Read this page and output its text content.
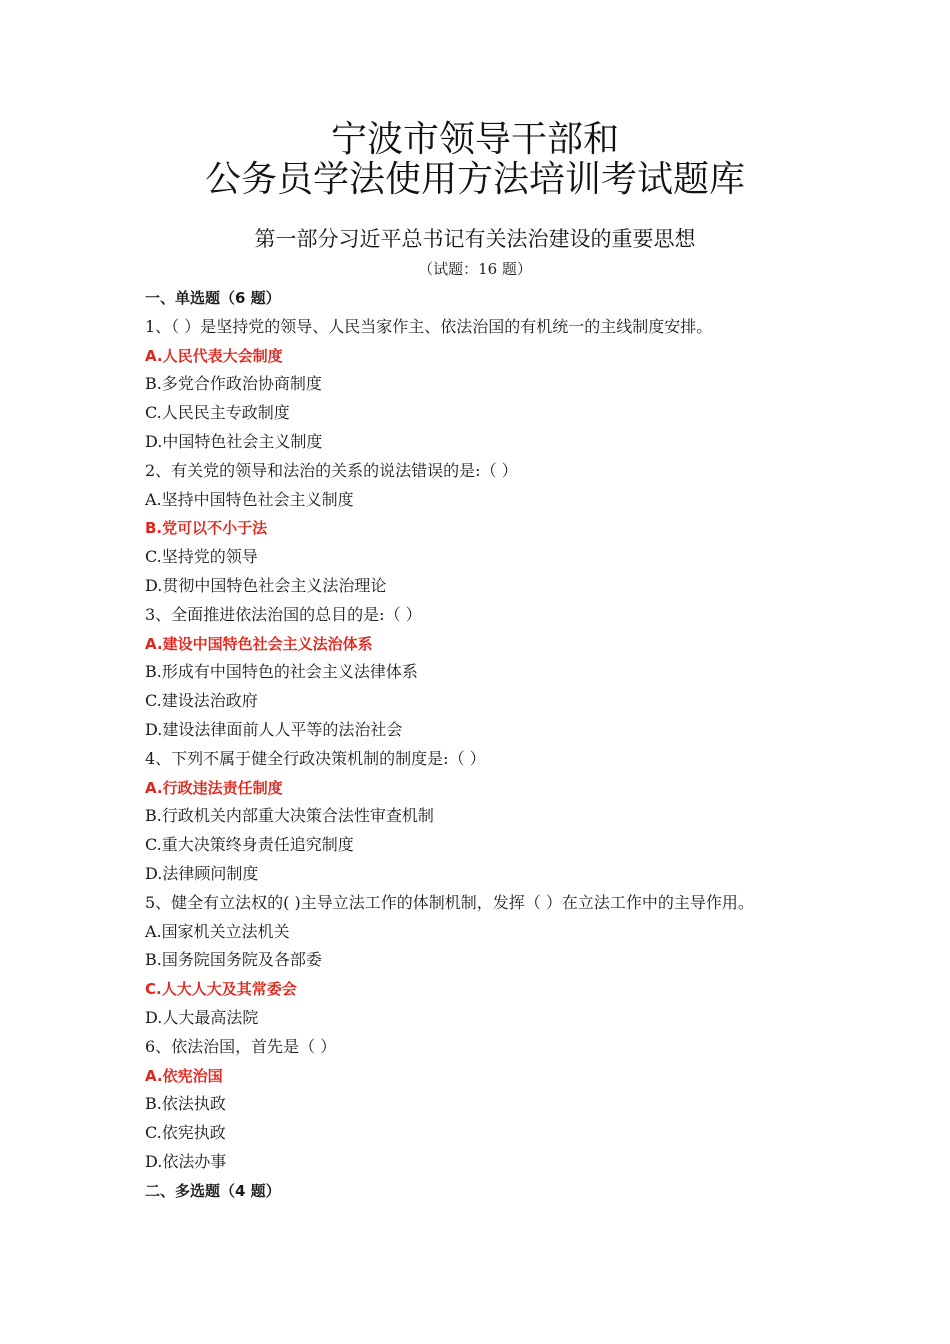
宁波市领导干部和
公务员学法使用方法培训考试题库
第一部分习近平总书记有关法治建设的重要思想
（试题：16 题）
一、单选题（6 题）
1、（ ）是坚持党的领导、人民当家作主、依法治国的有机统一的主线制度安排。
A.人民代表大会制度
B.多党合作政治协商制度
C.人民民主专政制度
D.中国特色社会主义制度
2、有关党的领导和法治的关系的说法错误的是:（ ）
A.坚持中国特色社会主义制度
B.党可以不小于法
C.坚持党的领导
D.贯彻中国特色社会主义法治理论
3、全面推进依法治国的总目的是:（ ）
A.建设中国特色社会主义法治体系
B.形成有中国特色的社会主义法律体系
C.建设法治政府
D.建设法律面前人人平等的法治社会
4、下列不属于健全行政决策机制的制度是:（ ）
A.行政违法责任制度
B.行政机关内部重大决策合法性审查机制
C.重大决策终身责任追究制度
D.法律顾问制度
5、健全有立法权的( )主导立法工作的体制机制，发挥（ ）在立法工作中的主导作用。
A.国家机关立法机关
B.国务院国务院及各部委
C.人大人大及其常委会
D.人大最高法院
6、依法治国，首先是（ ）
A.依宪治国
B.依法执政
C.依宪执政
D.依法办事
二、多选题（4 题）
